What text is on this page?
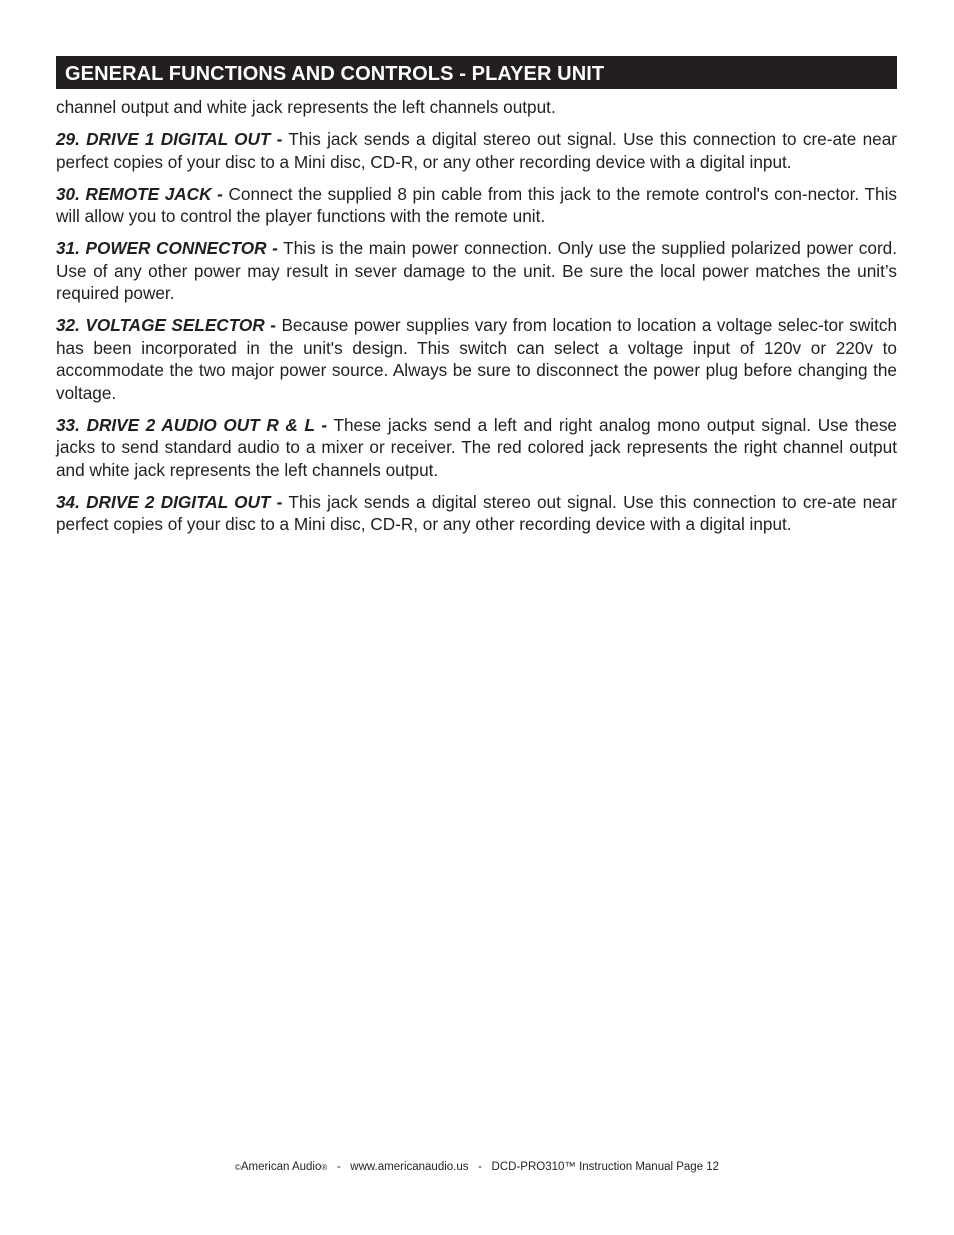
GENERAL FUNCTIONS AND CONTROLS - PLAYER UNIT

channel output and white jack represents the left channels output.

29. DRIVE 1 DIGITAL OUT - This jack sends a digital stereo out signal. Use this connection to cre-ate near perfect copies of your disc to a Mini disc, CD-R, or any other recording device with a digital input.

30. REMOTE JACK - Connect the supplied 8 pin cable from this jack to the remote control's con-nector. This will allow you to control the player functions with the remote unit.

31. POWER CONNECTOR - This is the main power connection. Only use the supplied polarized power cord. Use of any other power may result in sever damage to the unit. Be sure the local power matches the unit’s required power.

32. VOLTAGE SELECTOR - Because power supplies vary from location to location a voltage selec-tor switch has been incorporated in the unit's design. This switch can select a voltage input of 120v or 220v to accommodate the two major power source. Always be sure to disconnect the power plug before changing the voltage.

33. DRIVE 2 AUDIO OUT R & L - These jacks send a left and right analog mono output signal. Use these jacks to send standard audio to a mixer or receiver. The red colored jack represents the right channel output and white jack represents the left channels output.

34. DRIVE 2 DIGITAL OUT - This jack sends a digital stereo out signal. Use this connection to cre-ate near perfect copies of your disc to a Mini disc, CD-R, or any other recording device with a digital input.

©American Audio®   -   www.americanaudio.us   -   DCD-PRO310™ Instruction Manual Page 12
